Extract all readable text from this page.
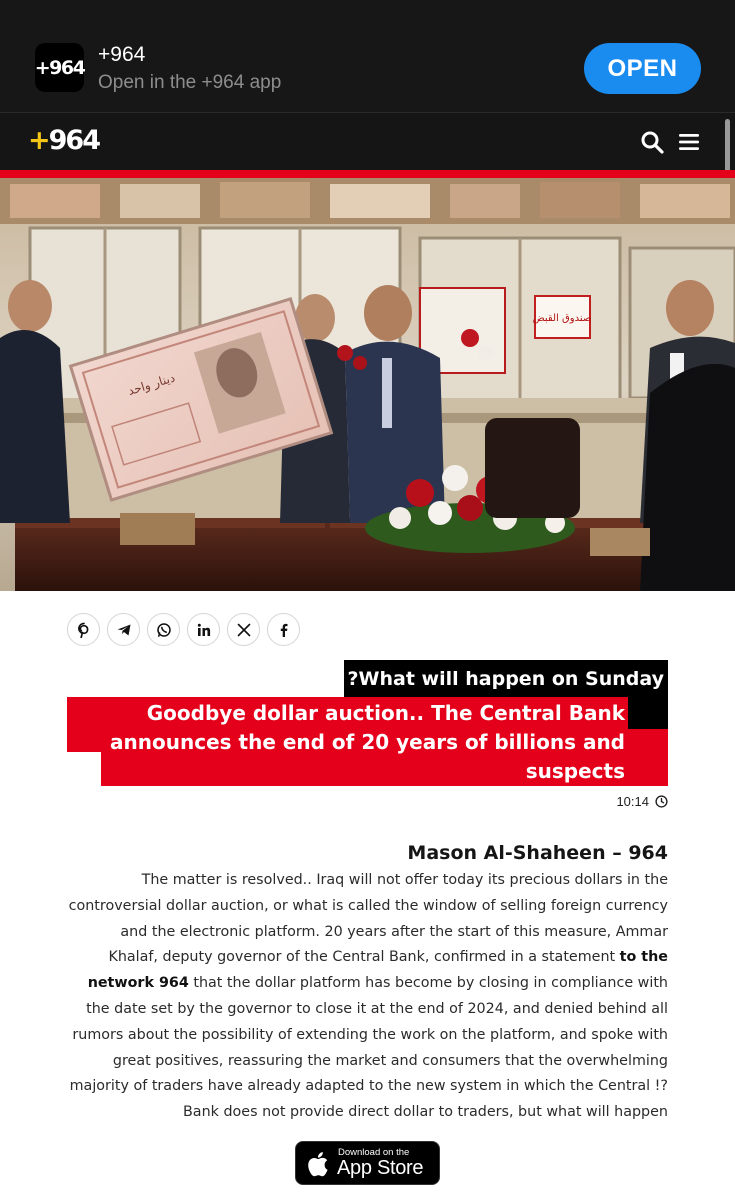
+964
+964
Open in the +964 app
OPEN
+964
صندوق القبض
دينار واحد
?What will happen on Sunday
Goodbye dollar auction.. The Central Bank announces the end of 20 years of billions and suspects
10:14
Mason Al-Shaheen – 964

The matter is resolved.. Iraq will not offer today its precious dollars in the controversial dollar auction, or what is called the window of selling foreign currency and the electronic platform. 20 years after the start of this measure, Ammar Khalaf, deputy governor of the Central Bank, confirmed in a statement to the network 964 that the dollar platform has become by closing in compliance with the date set by the governor to close it at the end of 2024, and denied behind all rumors about the possibility of extending the work on the platform, and spoke with great positives, reassuring the market and consumers that the overwhelming majority of traders have already adapted to the new system in which the Central !?Bank does not provide direct dollar to traders, but what will happen

Download on the
App Store
